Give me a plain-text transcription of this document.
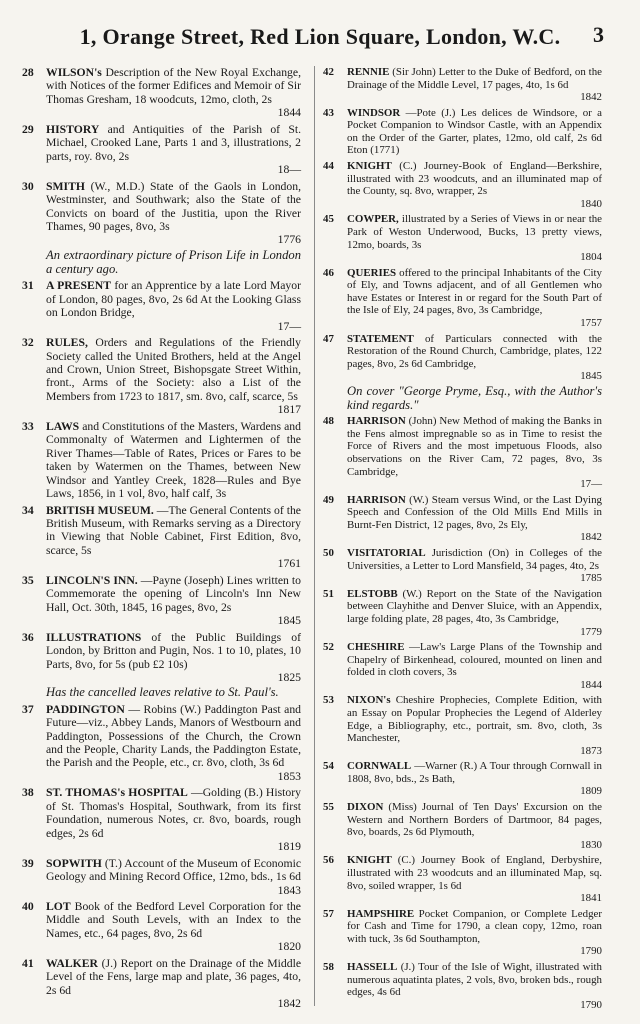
1, Orange Street, Red Lion Square, London, W.C.	3
28 WILSON's Description of the New Royal Exchange, with Notices of the former Edifices and Memoir of Sir Thomas Gresham, 18 woodcuts, 12mo, cloth, 2s
1844
29 HISTORY and Antiquities of the Parish of St. Michael, Crooked Lane, Parts 1 and 3, illustrations, 2 parts, roy. 8vo, 2s
18—
30 SMITH (W., M.D.) State of the Gaols in London, Westminster, and Southwark; also the State of the Convicts on board of the Justitia, upon the River Thames, 90 pages, 8vo, 3s
1776
An extraordinary picture of Prison Life in London a century ago.
31 A PRESENT for an Apprentice by a late Lord Mayor of London, 80 pages, 8vo, 2s 6d At the Looking Glass on London Bridge,
17—
32 RULES, Orders and Regulations of the Friendly Society called the United Brothers, held at the Angel and Crown, Union Street, Bishopsgate Street Within, front., Arms of the Society: also a List of the Members from 1723 to 1817, sm. 8vo, calf, scarce, 5s
1817
33 LAWS and Constitutions of the Masters, Wardens and Commonalty of Watermen and Lightermen of the River Thames—Table of Rates, Prices or Fares to be taken by Watermen on the Thames, between New Windsor and Yantley Creek, 1828—Rules and Bye Laws, 1856, in 1 vol, 8vo, half calf, 3s
34 BRITISH MUSEUM. —The General Contents of the British Museum, with Remarks serving as a Directory in Viewing that Noble Cabinet, First Edition, 8vo, scarce, 5s
1761
35 LINCOLN'S INN. —Payne (Joseph) Lines written to Commemorate the opening of Lincoln's Inn New Hall, Oct. 30th, 1845, 16 pages, 8vo, 2s
1845
36 ILLUSTRATIONS of the Public Buildings of London, by Britton and Pugin, Nos. 1 to 10, plates, 10 Parts, 8vo, for 5s (pub £2 10s)
1825
Has the cancelled leaves relative to St. Paul's.
37 PADDINGTON — Robins (W.) Paddington Past and Future—viz., Abbey Lands, Manors of Westbourn and Paddington, Possessions of the Church, the Crown and the People, Charity Lands, the Paddington Estate, the Parish and the People, etc., cr. 8vo, cloth, 3s 6d
1853
38 ST. THOMAS's HOSPITAL —Golding (B.) History of St. Thomas's Hospital, Southwark, from its first Foundation, numerous Notes, cr. 8vo, boards, rough edges, 2s 6d
1819
39 SOPWITH (T.) Account of the Museum of Economic Geology and Mining Record Office, 12mo, bds., 1s 6d
1843
40 LOT Book of the Bedford Level Corporation for the Middle and South Levels, with an Index to the Names, etc., 64 pages, 8vo, 2s 6d
1820
41 WALKER (J.) Report on the Drainage of the Middle Level of the Fens, large map and plate, 36 pages, 4to, 2s 6d
1842
42 RENNIE (Sir John) Letter to the Duke of Bedford, on the Drainage of the Middle Level, 17 pages, 4to, 1s 6d
1842
43 WINDSOR —Pote (J.) Les delices de Windsore, or a Pocket Companion to Windsor Castle, with an Appendix on the Order of the Garter, plates, 12mo, old calf, 2s 6d Eton (1771)
44 KNIGHT (C.) Journey-Book of England—Berkshire, illustrated with 23 woodcuts, and an illuminated map of the County, sq. 8vo, wrapper, 2s
1840
45 COWPER, illustrated by a Series of Views in or near the Park of Weston Underwood, Bucks, 13 pretty views, 12mo, boards, 3s
1804
46 QUERIES offered to the principal Inhabitants of the City of Ely, and Towns adjacent, and of all Gentlemen who have Estates or Interest in or regard for the South Part of the Isle of Ely, 24 pages, 8vo, 3s Cambridge,
1757
47 STATEMENT of Particulars connected with the Restoration of the Round Church, Cambridge, plates, 122 pages, 8vo, 2s 6d Cambridge,
1845
On cover "George Pryme, Esq., with the Author's kind regards."
48 HARRISON (John) New Method of making the Banks in the Fens almost impregnable so as in Time to resist the Force of Rivers and the most impetuous Floods, also observations on the River Cam, 72 pages, 8vo, 3s Cambridge,
17—
49 HARRISON (W.) Steam versus Wind, or the Last Dying Speech and Confession of the Old Mills End Mills in Burnt-Fen District, 12 pages, 8vo, 2s Ely,
1842
50 VISITATORIAL Jurisdiction (On) in Colleges of the Universities, a Letter to Lord Mansfield, 34 pages, 4to, 2s
1785
51 ELSTOBB (W.) Report on the State of the Navigation between Clayhithe and Denver Sluice, with an Appendix, large folding plate, 28 pages, 4to, 3s Cambridge,
1779
52 CHESHIRE —Law's Large Plans of the Township and Chapelry of Birkenhead, coloured, mounted on linen and folded in cloth covers, 3s
1844
53 NIXON's Cheshire Prophecies, Complete Edition, with an Essay on Popular Prophecies the Legend of Alderley Edge, a Bibliography, etc., portrait, sm. 8vo, cloth, 3s Manchester,
1873
54 CORNWALL —Warner (R.) A Tour through Cornwall in 1808, 8vo, bds., 2s Bath,
1809
55 DIXON (Miss) Journal of Ten Days' Excursion on the Western and Northern Borders of Dartmoor, 84 pages, 8vo, boards, 2s 6d Plymouth,
1830
56 KNIGHT (C.) Journey Book of England, Derbyshire, illustrated with 23 woodcuts and an illuminated Map, sq. 8vo, soiled wrapper, 1s 6d
1841
57 HAMPSHIRE Pocket Companion, or Complete Ledger for Cash and Time for 1790, a clean copy, 12mo, roan with tuck, 3s 6d Southampton,
1790
58 HASSELL (J.) Tour of the Isle of Wight, illustrated with numerous aquatinta plates, 2 vols, 8vo, broken bds., rough edges, 4s 6d
1790
